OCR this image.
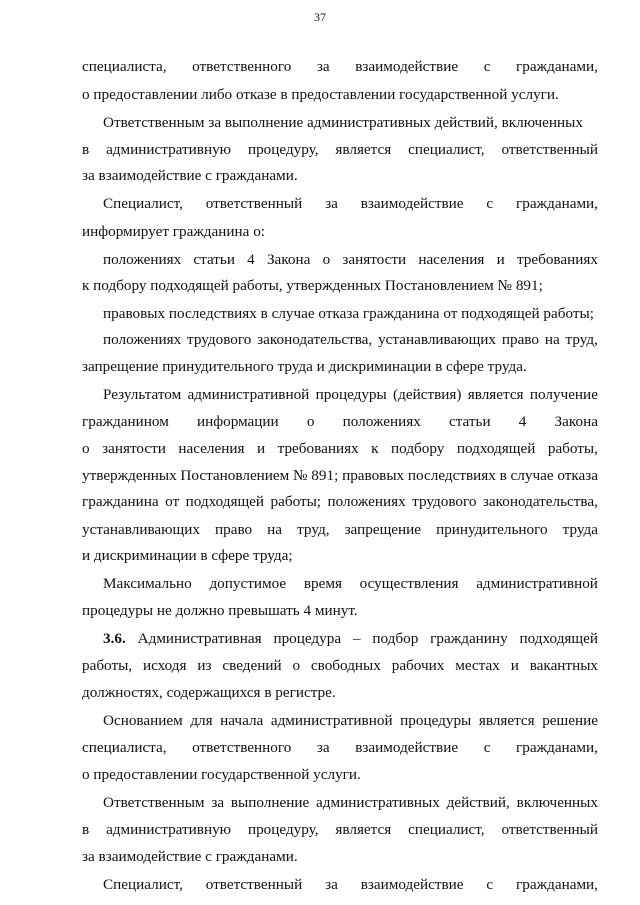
37
специалиста, ответственного за взаимодействие с гражданами,
о предоставлении либо отказе в предоставлении государственной услуги.
Ответственным за выполнение административных действий, включенных
в административную процедуру, является специалист, ответственный
за взаимодействие с гражданами.
Специалист, ответственный за взаимодействие с гражданами,
информирует гражданина о:
положениях статьи 4 Закона о занятости населения и требованиях
к подбору подходящей работы, утвержденных Постановлением № 891;
правовых последствиях в случае отказа гражданина от подходящей работы;
положениях трудового законодательства, устанавливающих право на труд,
запрещение принудительного труда и дискриминации в сфере труда.
Результатом административной процедуры (действия) является получение
гражданином информации о положениях статьи 4 Закона
о занятости населения и требованиях к подбору подходящей работы,
утвержденных Постановлением № 891; правовых последствиях в случае отказа
гражданина от подходящей работы; положениях трудового законодательства,
устанавливающих право на труд, запрещение принудительного труда
и дискриминации в сфере труда;
Максимально допустимое время осуществления административной
процедуры не должно превышать 4 минут.
3.6. Административная процедура – подбор гражданину подходящей
работы, исходя из сведений о свободных рабочих местах и вакантных
должностях, содержащихся в регистре.
Основанием для начала административной процедуры является решение
специалиста, ответственного за взаимодействие с гражданами,
о предоставлении государственной услуги.
Ответственным за выполнение административных действий, включенных
в административную процедуру, является специалист, ответственный
за взаимодействие с гражданами.
Специалист, ответственный за взаимодействие с гражданами,
